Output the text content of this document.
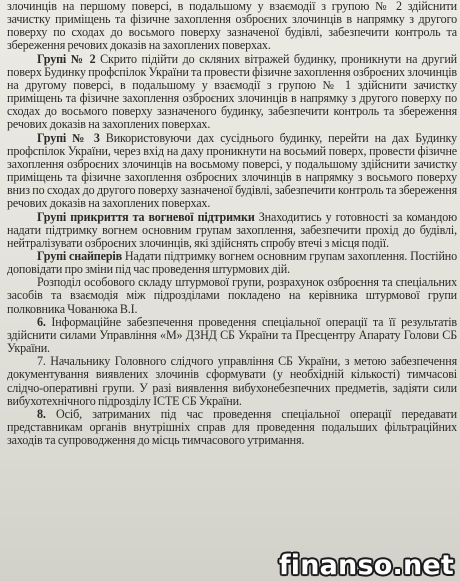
злочинців на першому поверсі, в подальшому у взаємодії з групою № 2 здійснити зачистку приміщень та фізичне захоплення озброєних злочинців в напрямку з другого поверху по сходах до восьмого поверху зазначеної будівлі, забезпечити контроль та збереження речових доказів на захоплених поверхах.

Групі № 2 Скрито підійти до скляних вітражей будинку, проникнути на другий поверх Будинку профспілок України та провести фізичне захоплення озброєних злочинців на другому поверсі, в подальшому у взаємодії з групою № 1 здійснити зачистку приміщень та фізичне захоплення озброєних злочинців в напрямку з другого поверху по сходах до восьмого поверху зазначеного будинку, забезпечити контроль та збереження речових доказів на захоплених поверхах.

Групі № 3 Використовуючи дах сусіднього будинку, перейти на дах Будинку профспілок України, через вхід на даху проникнути на восьмий поверх, провести фізичне захоплення озброєних злочинців на восьмому поверсі, у подальшому здійснити зачистку приміщень та фізичне захоплення озброєних злочинців в напрямку з восьмого поверху вниз по сходах до другого поверху зазначеної будівлі, забезпечити контроль та збереження речових доказів на захоплених поверхах.

Групі прикриття та вогневої підтримки Знаходитись у готовності за командою надати підтримку вогнем основним групам захоплення, забезпечити прохід до будівлі, нейтралізувати озброєних злочинців, які здійснять спробу втечі з місця події.

Групі снайперів Надати підтримку вогнем основним групам захоплення. Постійно доповідати про зміни під час проведення штурмових дій.

Розподіл особового складу штурмової групи, розрахунок озброєння та спеціальних засобів та взаємодія між підрозділами покладено на керівника штурмової групи полковника Чованюка В.І.

6. Інформаційне забезпечення проведення спеціальної операції та її результатів здійснити силами Управління «М» ДЗНД СБ України та Пресцентру Апарату Голови СБ України.

7. Начальнику Головного слідчого управління СБ України, з метою забезпечення документування виявлених злочинів сформувати (у необхідній кількості) тимчасові слідчо-оперативні групи. У разі виявлення вибухонебезпечних предметів, задіяти сили вибухотехнічного підрозділу ІСТЕ СБ України.

8. Осіб, затриманих під час проведення спеціальної операції передавати представникам органів внутрішніх справ для проведення подальших фільтраційних заходів та супроводження до місць тимчасового утримання.

finanso.net
